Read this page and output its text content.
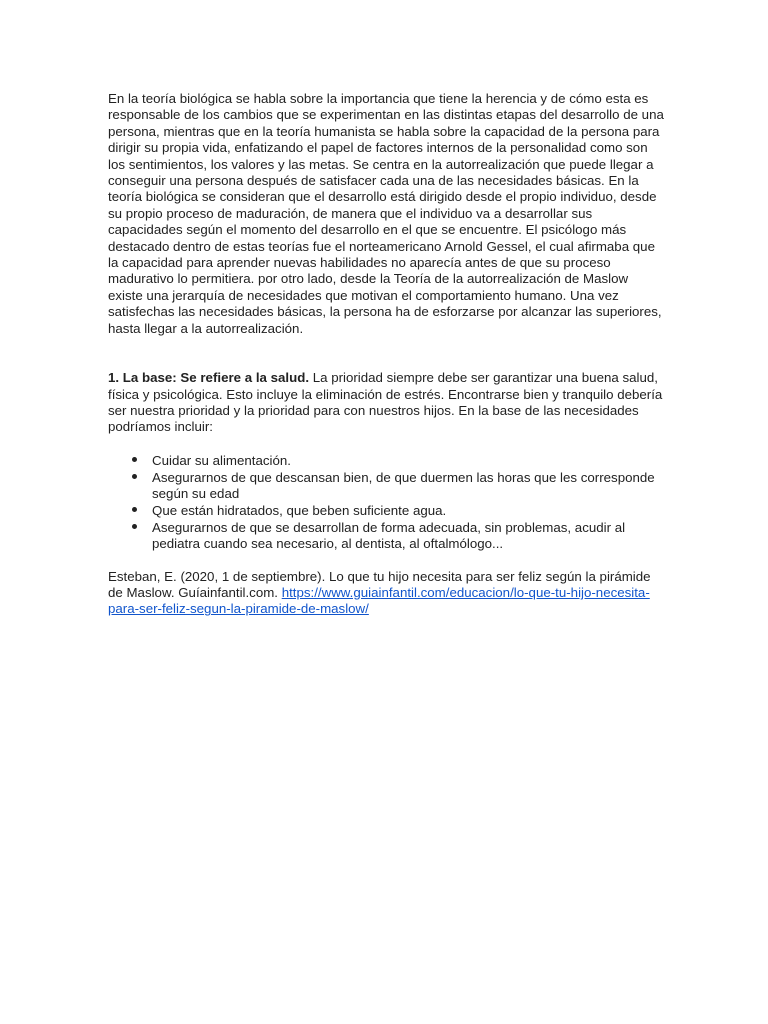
En la teoría biológica se habla sobre la importancia que tiene la herencia y de cómo esta es responsable de los cambios que se experimentan en las distintas etapas del desarrollo de una persona, mientras que en la teoría humanista se habla sobre la capacidad de la persona para dirigir su propia vida, enfatizando el papel de factores internos de la personalidad como son los sentimientos, los valores y las metas. Se centra en la autorrealización que puede llegar a conseguir una persona después de satisfacer cada una de las necesidades básicas. En la teoría biológica se consideran que el desarrollo está dirigido desde el propio individuo, desde su propio proceso de maduración, de manera que el individuo va a desarrollar sus capacidades según el momento del desarrollo en el que se encuentre. El psicólogo más destacado dentro de estas teorías fue el norteamericano Arnold Gessel, el cual afirmaba que la capacidad para aprender nuevas habilidades no aparecía antes de que su proceso madurativo lo permitiera. por otro lado, desde la Teoría de la autorrealización de Maslow existe una jerarquía de necesidades que motivan el comportamiento humano. Una vez satisfechas las necesidades básicas, la persona ha de esforzarse por alcanzar las superiores, hasta llegar a la autorrealización.

1. La base: Se refiere a la salud. La prioridad siempre debe ser garantizar una buena salud, física y psicológica. Esto incluye la eliminación de estrés. Encontrarse bien y tranquilo debería ser nuestra prioridad y la prioridad para con nuestros hijos. En la base de las necesidades podríamos incluir:

Cuidar su alimentación.
Asegurarnos de que descansan bien, de que duermen las horas que les corresponde según su edad
Que están hidratados, que beben suficiente agua.
Asegurarnos de que se desarrollan de forma adecuada, sin problemas, acudir al pediatra cuando sea necesario, al dentista, al oftalmólogo...

Esteban, E. (2020, 1 de septiembre). Lo que tu hijo necesita para ser feliz según la pirámide de Maslow. Guíainfantil.com. https://www.guiainfantil.com/educacion/lo-que-tu-hijo-necesita-para-ser-feliz-segun-la-piramide-de-maslow/
